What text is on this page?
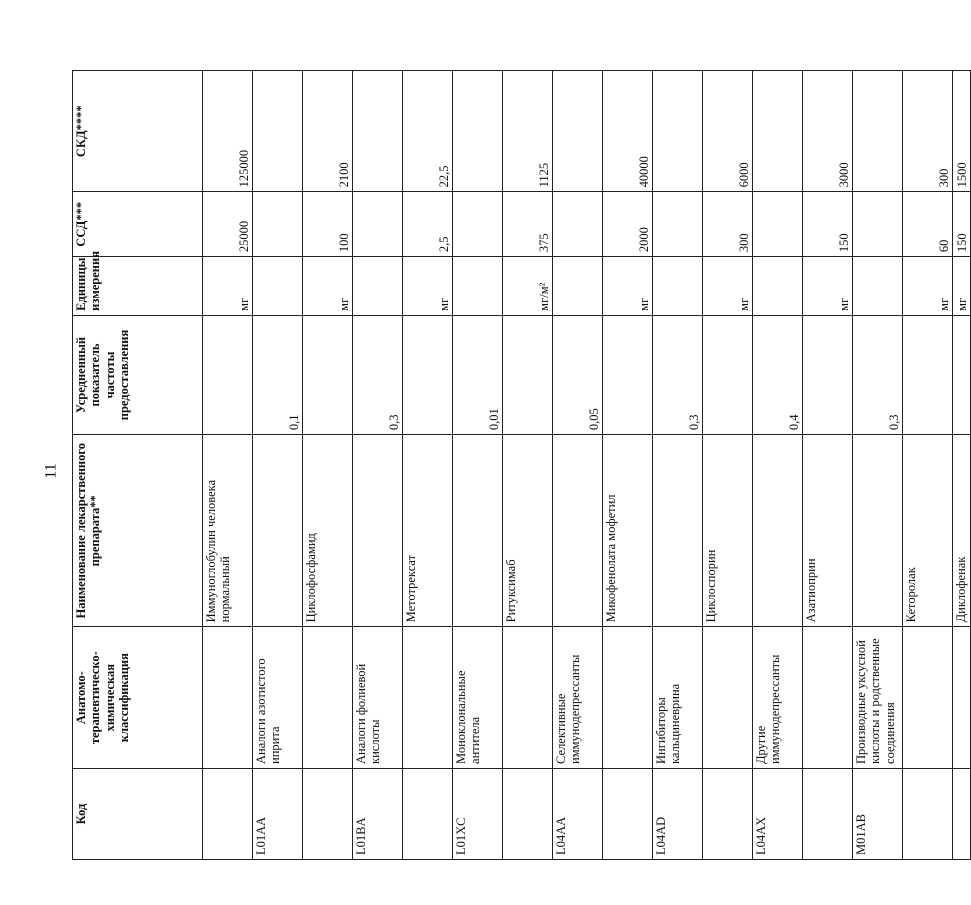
11
Код	Анатомо-терапевтическо-химическая классификация	Наименование лекарственного препарата**	Усредненный показатель частоты предоставления	Единицы измерения	ССД***	СКД****
		Иммуноглобулин человека нормальный		мг	25000	125000
L01AA	Аналоги азотистого иприта		0,1			
		Циклофосфамид		мг	100	2100
L01BA	Аналоги фолиевой кислоты		0,3			
		Метотрексат		мг	2,5	22,5
L01XC	Моноклональные антитела		0,01			
		Ритуксимаб		мг/м²	375	1125
L04AA	Селективные иммунодепрессанты		0,05			
		Микофенолата мофетил		мг	2000	40000
L04AD	Ингибиторы кальциневрина		0,3			
		Циклоспорин		мг	300	6000
L04AX	Другие иммунодепрессанты		0,4			
		Азатиоприн		мг	150	3000
M01AB	Производные уксусной кислоты и родственные соединения		0,3			
		Кеторолак		мг	60	300
		Диклофенак		мг	150	1500
